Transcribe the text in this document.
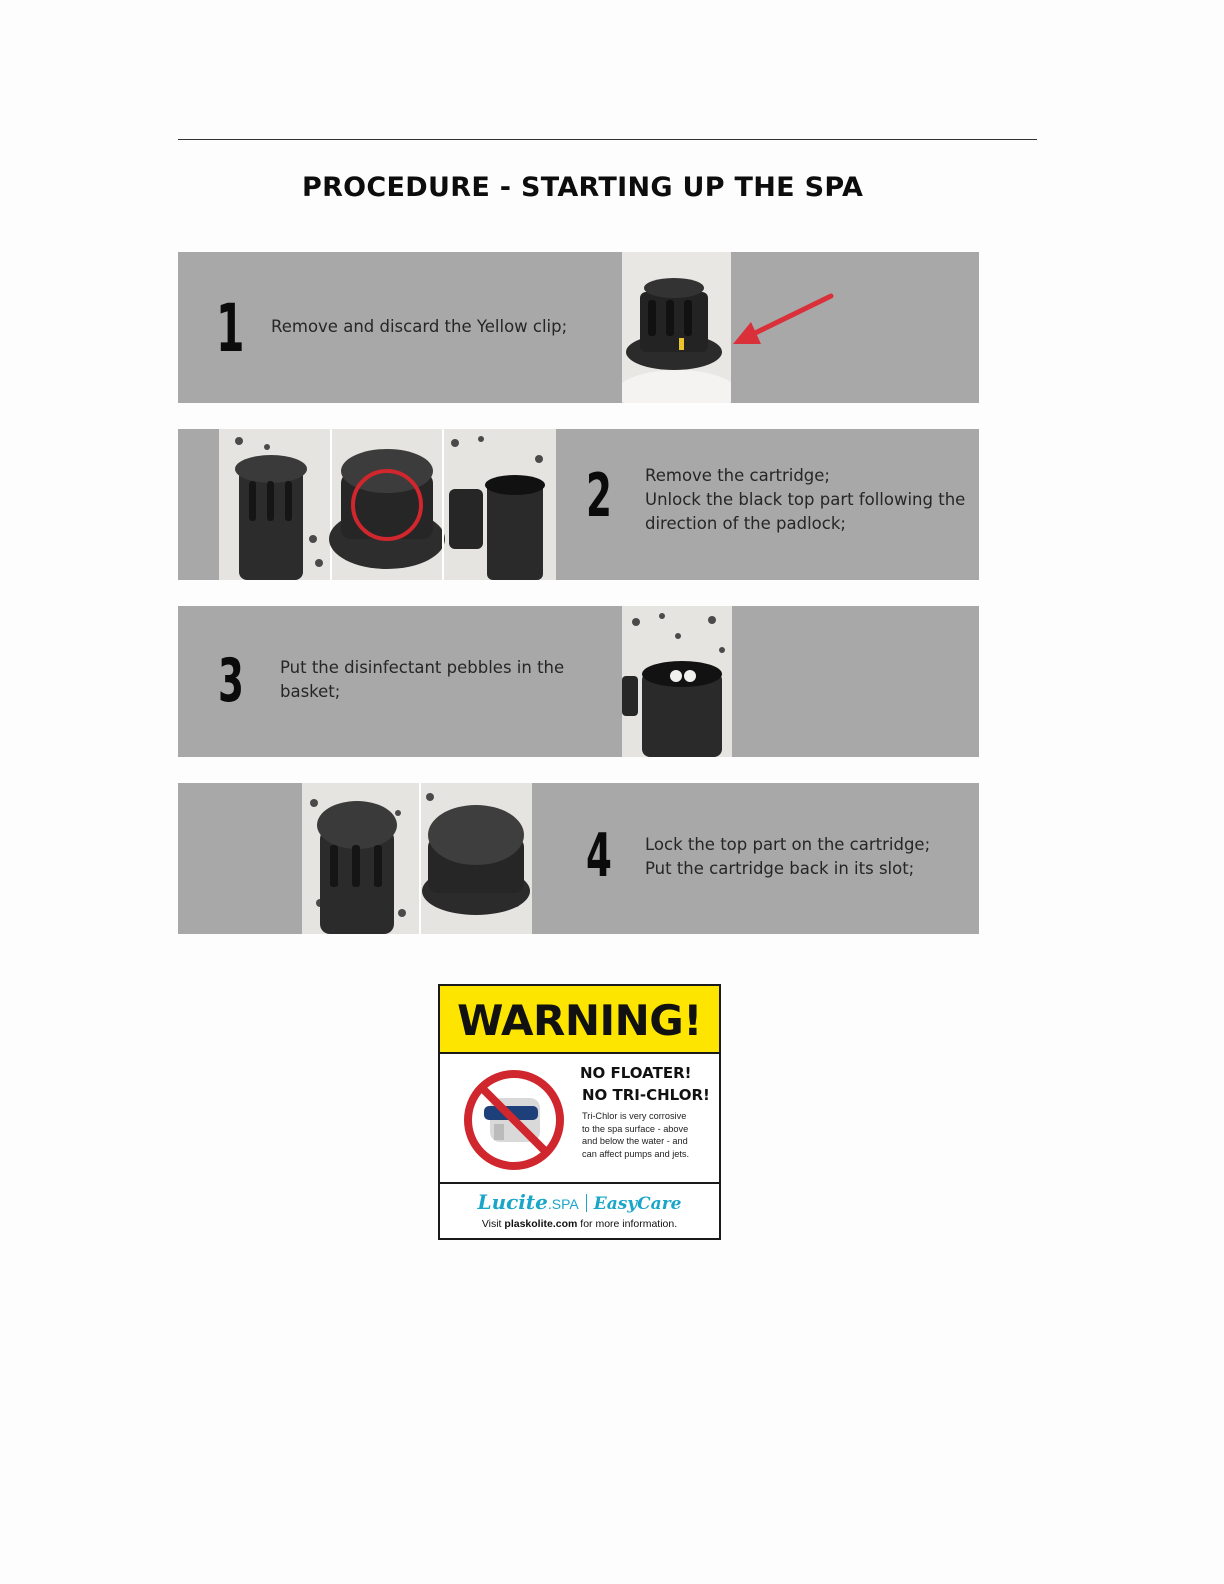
PROCEDURE - STARTING UP THE SPA
1 Remove and discard the Yellow clip;
2 Remove the cartridge;
Unlock the black top part following the
direction of the padlock;
3 Put the disinfectant pebbles in the
basket;
4 Lock the top part on the cartridge;
Put the cartridge back in its slot;
WARNING!
NO FLOATER!
NO TRI-CHLOR!
Tri-Chlor is very corrosive
to the spa surface - above
and below the water - and
can affect pumps and jets.
Lucite.SPA EasyCare
Visit plaskolite.com for more information.
